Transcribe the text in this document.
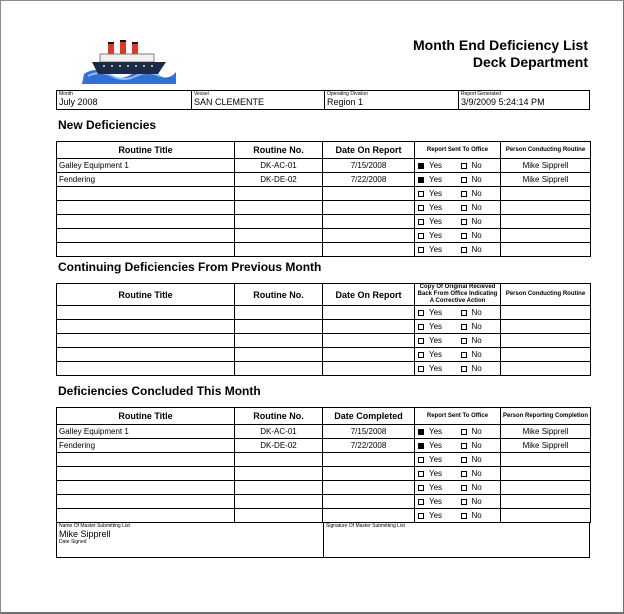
Month End Deficiency List
Deck Department
Month
July 2008

Vessel
SAN CLEMENTE

Operating Division
Region 1

Report Generated
3/9/2009 5:24:14 PM
New Deficiencies
Routine Title	Routine No.	Date On Report	Report Sent To Office	Person Conducting Routine
Galley Equipment 1	DK-AC-01	7/15/2008	Yes No	Mike Sipprell
Fendering	DK-DE-02	7/22/2008	Yes No	Mike Sipprell

			Yes No	

			Yes No	

			Yes No	

			Yes No	

			Yes No	

Continuing Deficiencies From Previous Month
Routine Title	Routine No.	Date On Report	Copy Of Original Recieved Back From Office Indicating A Corrective Action	Person Conducting Routine

			Yes No	

			Yes No	

			Yes No	

			Yes No	

			Yes No	

Deficiencies Concluded This Month
Routine Title	Routine No.	Date Completed	Report Sent To Office	Person Reporting Completion
Galley Equipment 1	DK-AC-01	7/15/2008	Yes No	Mike Sipprell
Fendering	DK-DE-02	7/22/2008	Yes No	Mike Sipprell

			Yes No	

			Yes No	

			Yes No	

			Yes No	

			Yes No	

Name Of Master Submitting List
Mike Sipprell
Date Signed

Signature Of Master Submitting List
